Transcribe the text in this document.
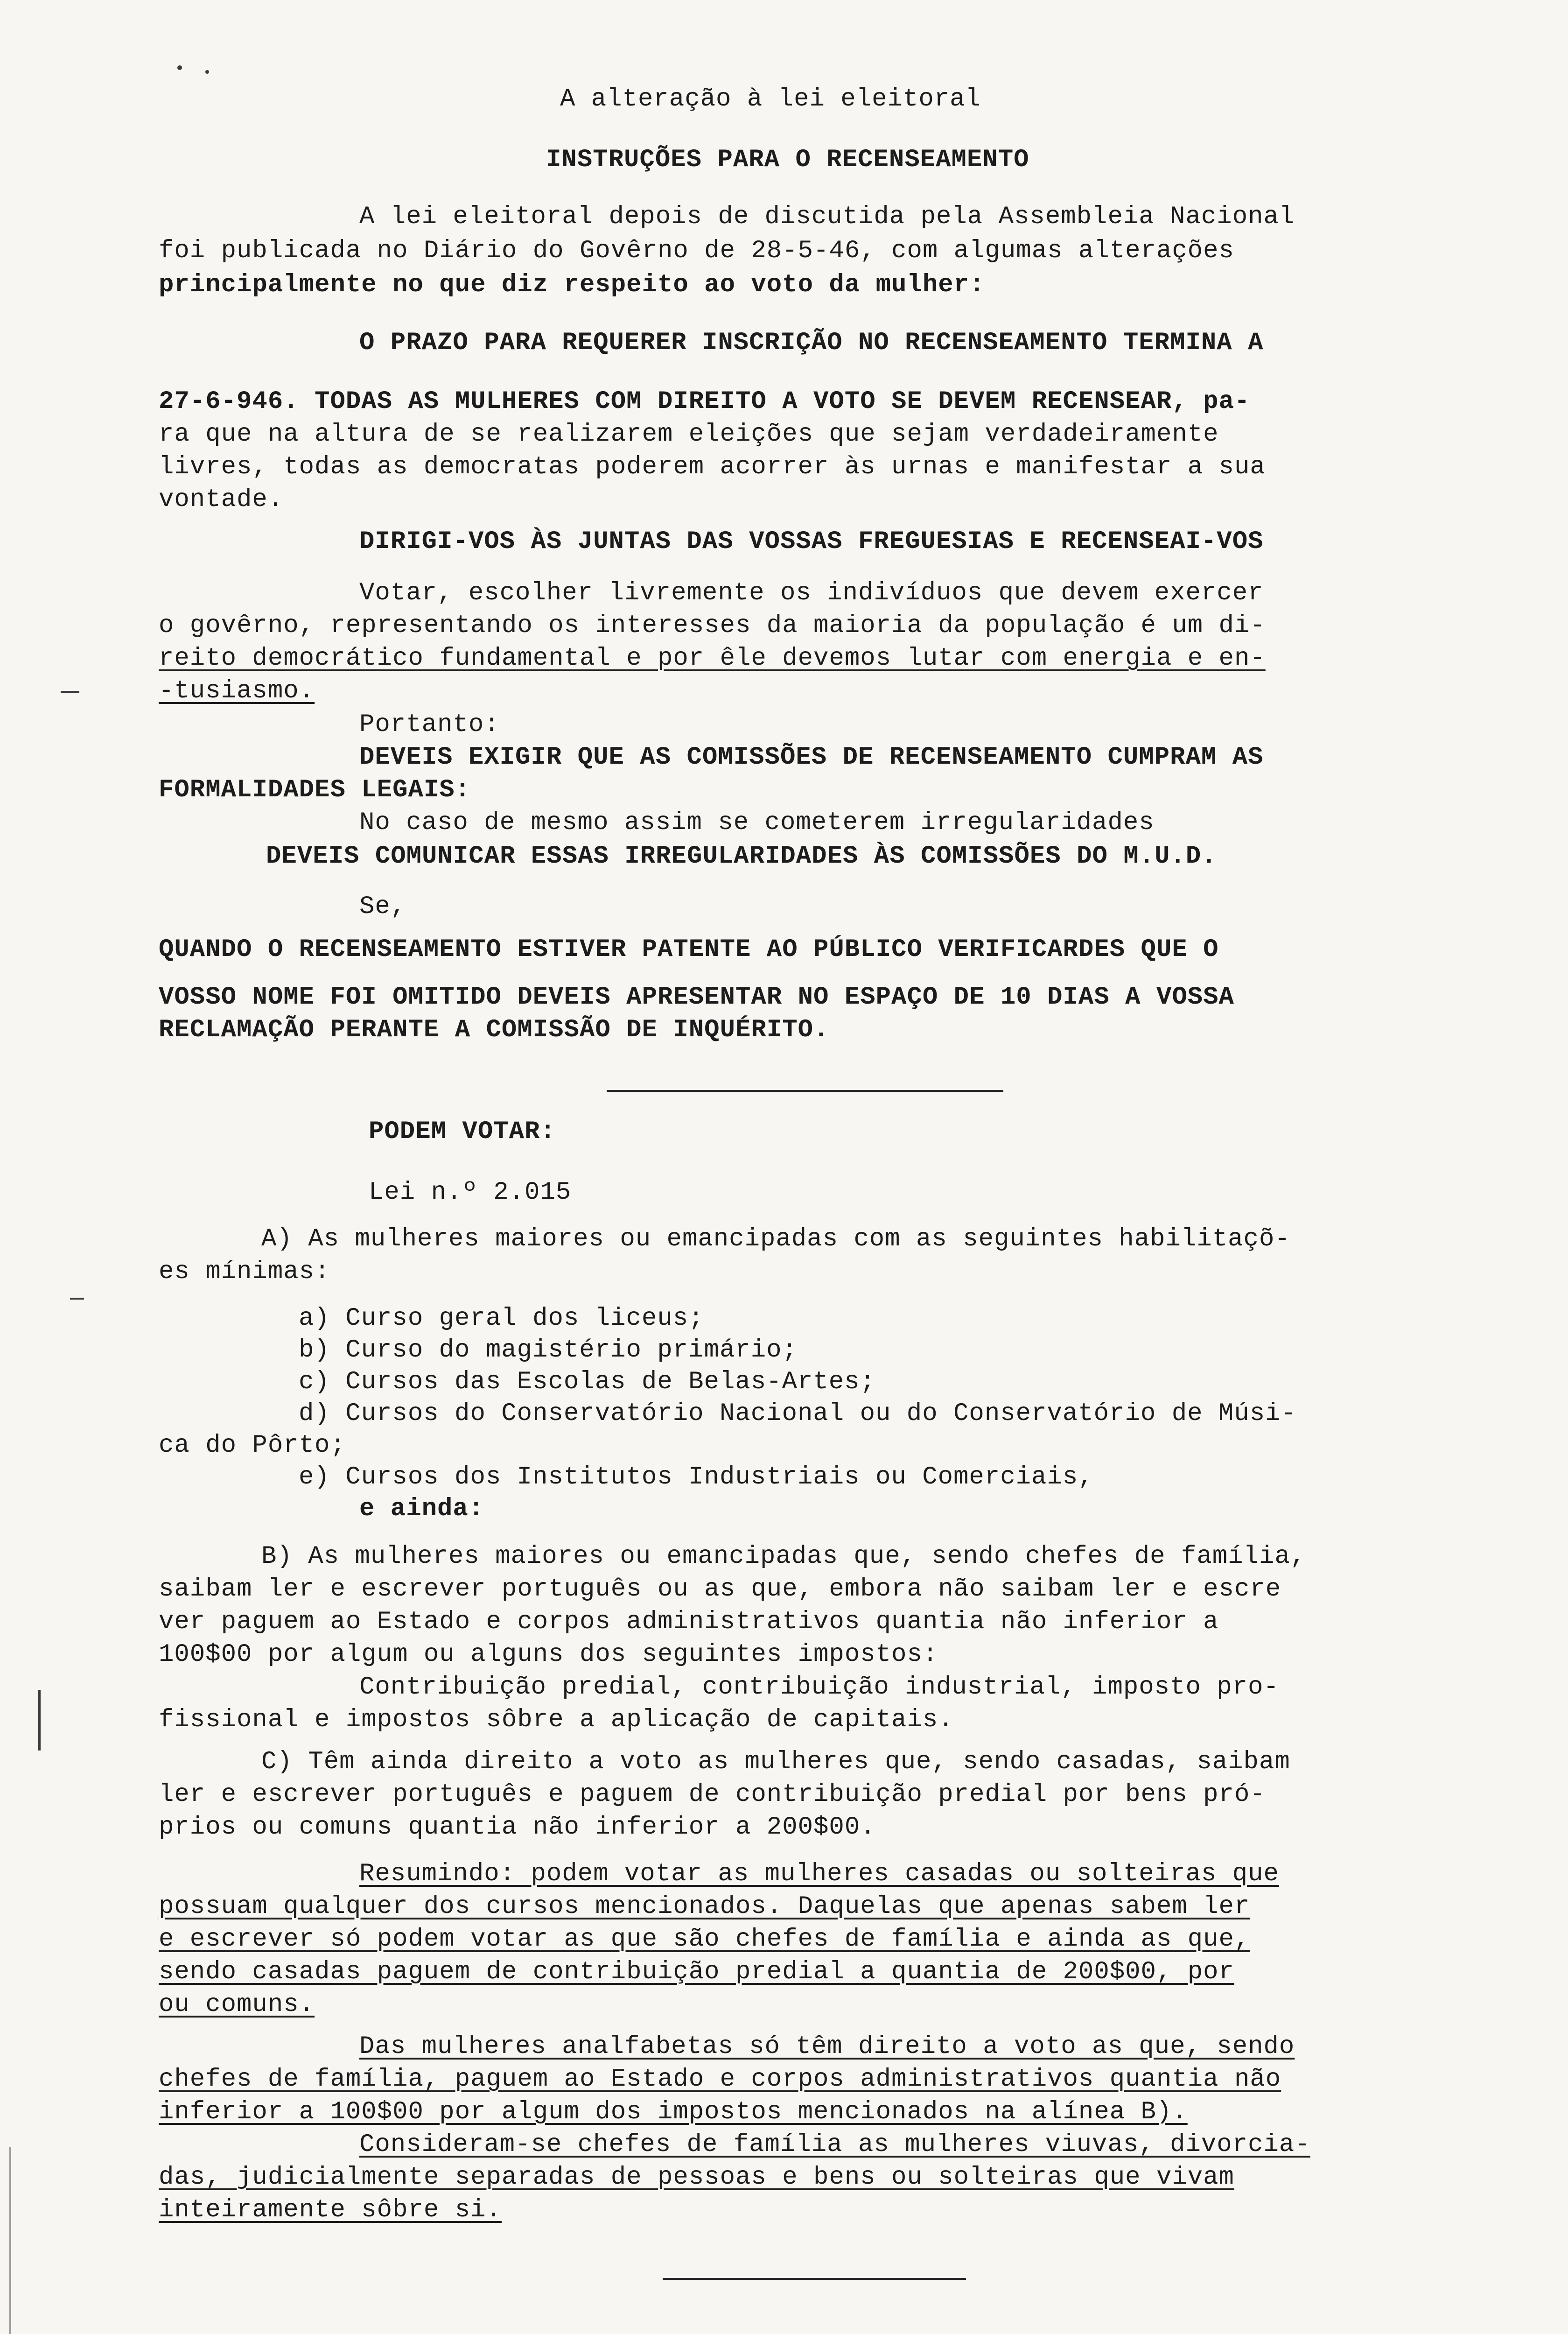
A alteração à lei eleitoral

INSTRUÇÕES PARA O RECENSEAMENTO

A lei eleitoral depois de discutida pela Assembleia Nacional

foi publicada no Diário do Govêrno de 28-5-46, com algumas alterações

principalmente no que diz respeito ao voto da mulher:

O PRAZO PARA REQUERER INSCRIÇÃO NO RECENSEAMENTO TERMINA A

27-6-946. TODAS AS MULHERES COM DIREITO A VOTO SE DEVEM RECENSEAR, pa-

ra que na altura de se realizarem eleições que sejam verdadeiramente

livres, todas as democratas poderem acorrer às urnas e manifestar a sua

vontade.

DIRIGI-VOS ÀS JUNTAS DAS VOSSAS FREGUESIAS E RECENSEAI-VOS

Votar, escolher livremente os indivíduos que devem exercer

o govêrno, representando os interesses da maioria da população é um di-

reito democrático fundamental e por êle devemos lutar com energia e en-

-tusiasmo.

Portanto:

DEVEIS EXIGIR QUE AS COMISSÕES DE RECENSEAMENTO CUMPRAM AS

FORMALIDADES LEGAIS:

No caso de mesmo assim se cometerem irregularidades

DEVEIS COMUNICAR ESSAS IRREGULARIDADES ÀS COMISSÕES DO M.U.D.

Se,

QUANDO O RECENSEAMENTO ESTIVER PATENTE AO PÚBLICO VERIFICARDES QUE O

VOSSO NOME FOI OMITIDO DEVEIS APRESENTAR NO ESPAÇO DE 10 DIAS A VOSSA

RECLAMAÇÃO PERANTE A COMISSÃO DE INQUÉRITO.

PODEM VOTAR:

Lei n.º 2.015

A) As mulheres maiores ou emancipadas com as seguintes habilitaçõ-

es mínimas:

a) Curso geral dos liceus;

b) Curso do magistério primário;

c) Cursos das Escolas de Belas-Artes;

d) Cursos do Conservatório Nacional ou do Conservatório de Músi-

ca do Pôrto;

e) Cursos dos Institutos Industriais ou Comerciais,

e ainda:

B) As mulheres maiores ou emancipadas que, sendo chefes de família,

saibam ler e escrever português ou as que, embora não saibam ler e escre

ver paguem ao Estado e corpos administrativos quantia não inferior a

100$00 por algum ou alguns dos seguintes impostos:

Contribuição predial, contribuição industrial, imposto pro-

fissional e impostos sôbre a aplicação de capitais.

C) Têm ainda direito a voto as mulheres que, sendo casadas, saibam

ler e escrever português e paguem de contribuição predial por bens pró-

prios ou comuns quantia não inferior a 200$00.

Resumindo: podem votar as mulheres casadas ou solteiras que

possuam qualquer dos cursos mencionados. Daquelas que apenas sabem ler

e escrever só podem votar as que são chefes de família e ainda as que,

sendo casadas paguem de contribuição predial a quantia de 200$00, por

ou comuns.

Das mulheres analfabetas só têm direito a voto as que, sendo

chefes de família, paguem ao Estado e corpos administrativos quantia não

inferior a 100$00 por algum dos impostos mencionados na alínea B).

Consideram-se chefes de família as mulheres viuvas, divorcia-

das, judicialmente separadas de pessoas e bens ou solteiras que vivam

inteiramente sôbre si.
